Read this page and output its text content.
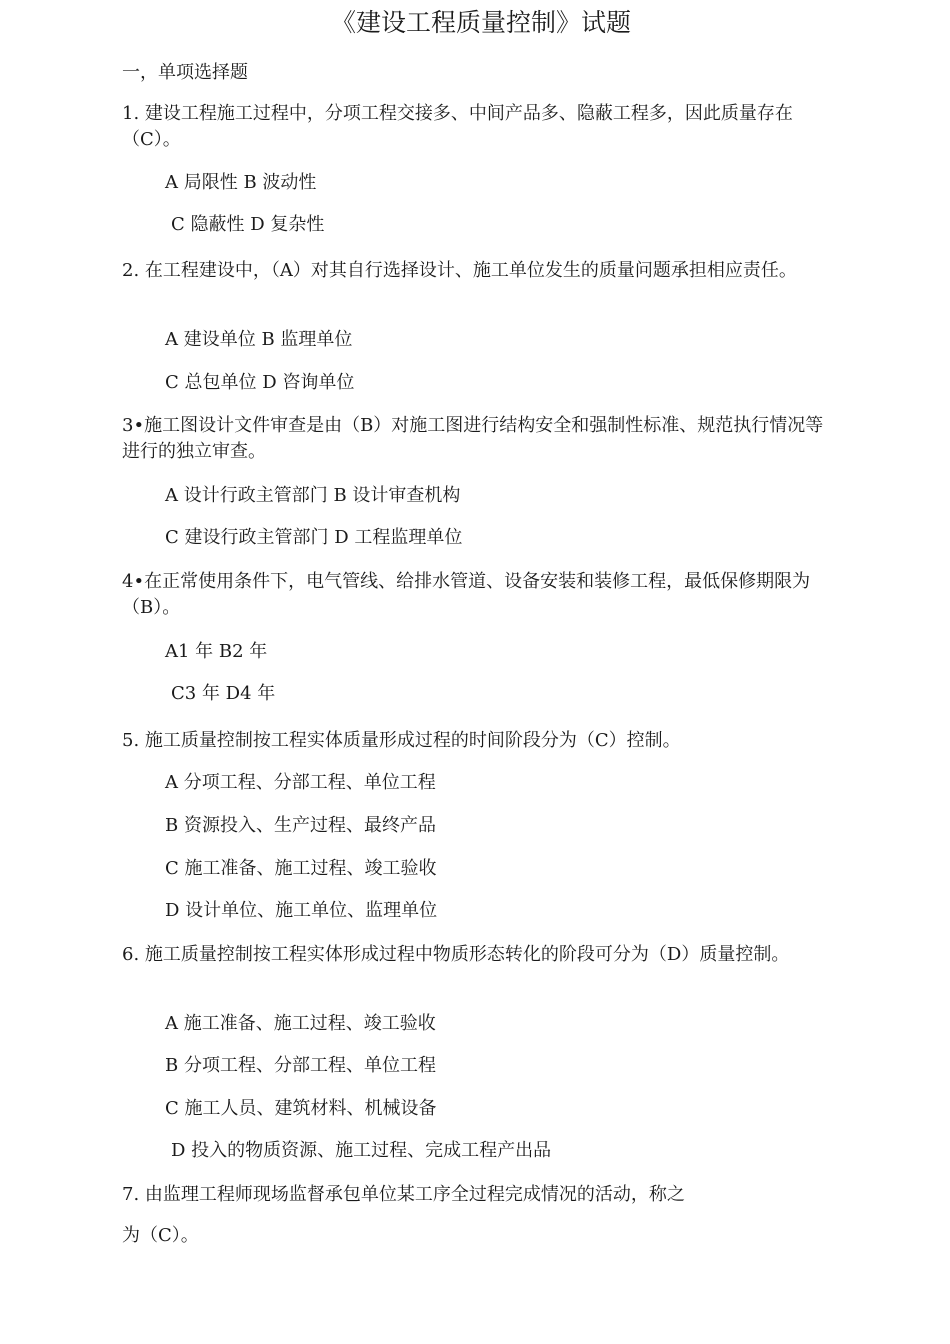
《建设工程质量控制》试题
一，单项选择题

1. 建设工程施工过程中，分项工程交接多、中间产品多、隐蔽工程多，因此质量存在（C）。

A 局限性 B 波动性

C 隐蔽性 D 复杂性

2. 在工程建设中，（A）对其自行选择设计、施工单位发生的质量问题承担相应责任。

A 建设单位 B 监理单位

C 总包单位 D 咨询单位

3•施工图设计文件审查是由（B）对施工图进行结构安全和强制性标准、规范执行情况等进行的独立审查。

A 设计行政主管部门 B 设计审查机构

C 建设行政主管部门 D 工程监理单位

4•在正常使用条件下，电气管线、给排水管道、设备安装和装修工程，最低保修期限为（B）。

A1 年 B2 年

C3 年 D4 年

5. 施工质量控制按工程实体质量形成过程的时间阶段分为（C）控制。

A 分项工程、分部工程、单位工程

B 资源投入、生产过程、最终产品

C 施工准备、施工过程、竣工验收

D 设计单位、施工单位、监理单位

6. 施工质量控制按工程实体形成过程中物质形态转化的阶段可分为（D）质量控制。

A 施工准备、施工过程、竣工验收

B 分项工程、分部工程、单位工程

C 施工人员、建筑材料、机械设备

D 投入的物质资源、施工过程、完成工程产出品

7. 由监理工程师现场监督承包单位某工序全过程完成情况的活动，称之

为（C）。
